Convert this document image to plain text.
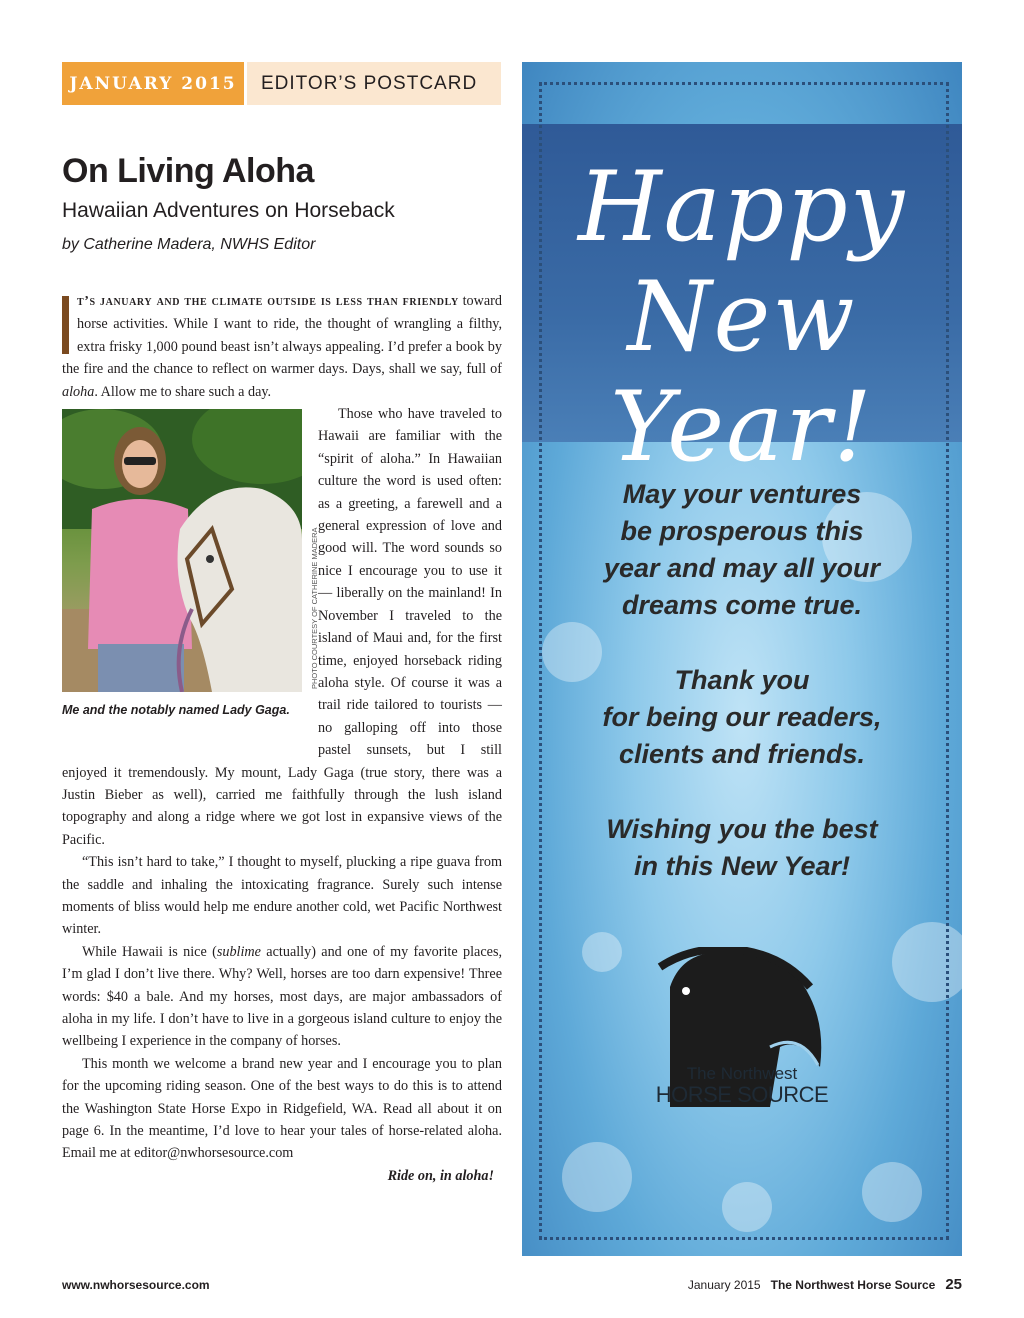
JANUARY 2015	EDITOR’S POSTCARD
On Living Aloha
Hawaiian Adventures on Horseback
by Catherine Madera, NWHS Editor

t’s january and the climate outside is less than friendly toward horse activities. While I want to ride, the thought of wrangling a filthy, extra frisky 1,000 pound beast isn’t always appealing. I’d prefer a book by the fire and the chance to reflect on warmer days. Days, shall we say, full of aloha. Allow me to share such a day.

PHOTO COURTESY OF CATHERINE MADERA
Me and the notably named Lady Gaga.

Those who have traveled to Hawaii are familiar with the “spirit of aloha.” In Hawaiian culture the word is used often: as a greeting, a farewell and a general expression of love and good will. The word sounds so nice I encourage you to use it — liberally on the mainland! In November I traveled to the island of Maui and, for the first time, enjoyed horseback riding aloha style. Of course it was a trail ride tailored to tourists — no galloping off into those pastel sunsets, but I still enjoyed it tremendously. My mount, Lady Gaga (true story, there was a Justin Bieber as well), carried me faithfully through the lush island topography and along a ridge where we got lost in expansive views of the Pacific.

“This isn’t hard to take,” I thought to myself, plucking a ripe guava from the saddle and inhaling the intoxicating fragrance. Surely such intense moments of bliss would help me endure another cold, wet Pacific Northwest winter.

While Hawaii is nice (sublime actually) and one of my favorite places, I’m glad I don’t live there. Why? Well, horses are too darn expensive! Three words: $40 a bale. And my horses, most days, are major ambassadors of aloha in my life. I don’t have to live in a gorgeous island culture to enjoy the wellbeing I experience in the company of horses.

This month we welcome a brand new year and I encourage you to plan for the upcoming riding season. One of the best ways to do this is to attend the Washington State Horse Expo in Ridgefield, WA. Read all about it on page 6. In the meantime, I’d love to hear your tales of horse-related aloha. Email me at editor@nwhorsesource.com

Ride on, in aloha!

Happy
New Year!
May your ventures
be prosperous this
year and may all your
dreams come true.
Thank you
for being our readers,
clients and friends.
Wishing you the best
in this New Year!
The Northwest
HORSE SOURCE
www.nwhorsesource.com	January 2015 The Northwest Horse Source 25
